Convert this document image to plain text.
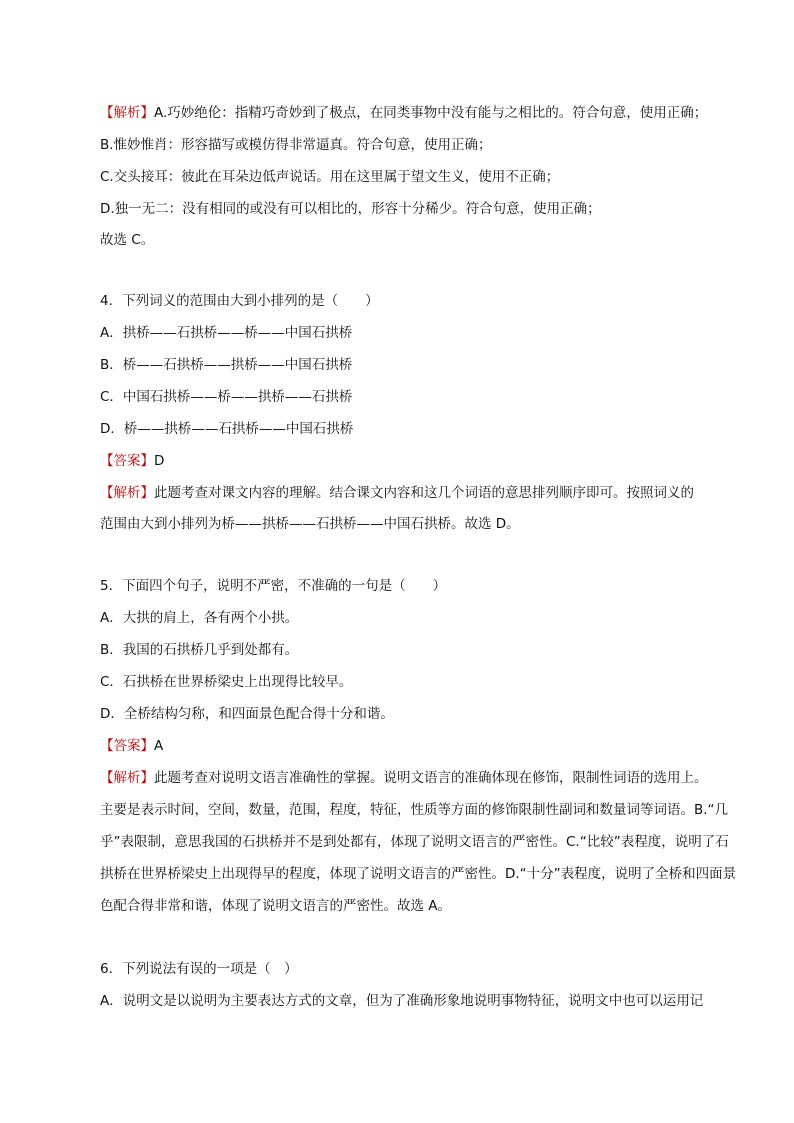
【解析】A.巧妙绝伦：指精巧奇妙到了极点，在同类事物中没有能与之相比的。符合句意，使用正确；
B.惟妙惟肖：形容描写或模仿得非常逼真。符合句意，使用正确；
C.交头接耳：彼此在耳朵边低声说话。用在这里属于望文生义，使用不正确；
D.独一无二：没有相同的或没有可以相比的，形容十分稀少。符合句意，使用正确；
故选 C。
4．下列词义的范围由大到小排列的是（　　）
A．拱桥——石拱桥——桥——中国石拱桥
B．桥——石拱桥——拱桥——中国石拱桥
C．中国石拱桥——桥——拱桥——石拱桥
D．桥——拱桥——石拱桥——中国石拱桥
【答案】D
【解析】此题考查对课文内容的理解。结合课文内容和这几个词语的意思排列顺序即可。按照词义的
范围由大到小排列为桥——拱桥——石拱桥——中国石拱桥。故选 D。
5．下面四个句子，说明不严密，不准确的一句是（　　）
A．大拱的肩上，各有两个小拱。
B．我国的石拱桥几乎到处都有。
C．石拱桥在世界桥梁史上出现得比较早。
D．全桥结构匀称，和四面景色配合得十分和谐。
【答案】A
【解析】此题考查对说明文语言准确性的掌握。说明文语言的准确体现在修饰，限制性词语的选用上。
主要是表示时间，空间，数量，范围，程度，特征，性质等方面的修饰限制性副词和数量词等词语。B.“几
乎”表限制，意思我国的石拱桥并不是到处都有，体现了说明文语言的严密性。C.“比较”表程度，说明了石
拱桥在世界桥梁史上出现得早的程度，体现了说明文语言的严密性。D.“十分”表程度，说明了全桥和四面景
色配合得非常和谐，体现了说明文语言的严密性。故选 A。
6．下列说法有误的一项是（　）
A．说明文是以说明为主要表达方式的文章，但为了准确形象地说明事物特征，说明文中也可以运用记
